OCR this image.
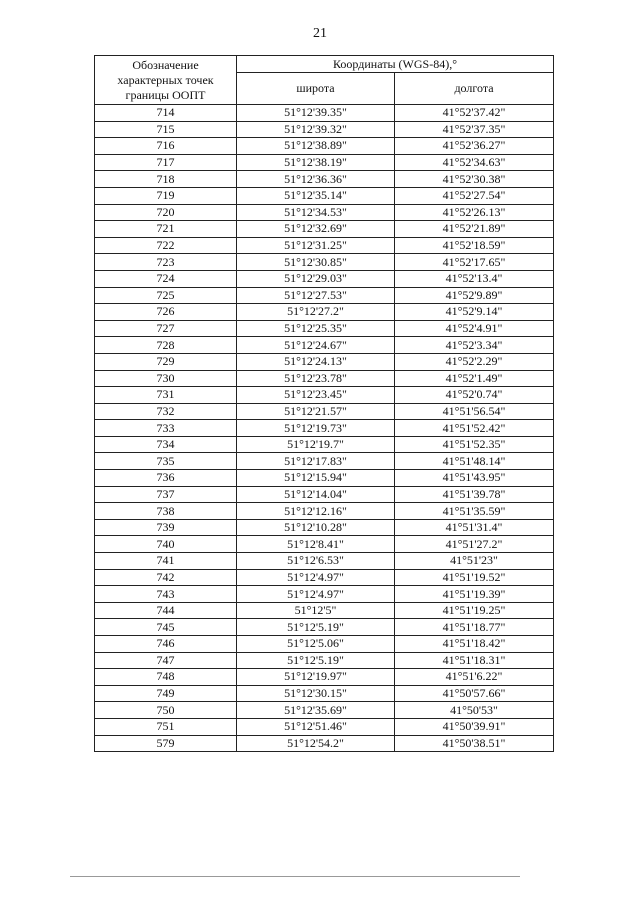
21
Обозначение
характерных точек
границы ООПТ	Координаты (WGS-84),°	
	широта	долгота
714	51°12'39.35"	41°52'37.42"
715	51°12'39.32"	41°52'37.35"
716	51°12'38.89"	41°52'36.27"
717	51°12'38.19"	41°52'34.63"
718	51°12'36.36"	41°52'30.38"
719	51°12'35.14"	41°52'27.54"
720	51°12'34.53"	41°52'26.13"
721	51°12'32.69"	41°52'21.89"
722	51°12'31.25"	41°52'18.59"
723	51°12'30.85"	41°52'17.65"
724	51°12'29.03"	41°52'13.4"
725	51°12'27.53"	41°52'9.89"
726	51°12'27.2"	41°52'9.14"
727	51°12'25.35"	41°52'4.91"
728	51°12'24.67"	41°52'3.34"
729	51°12'24.13"	41°52'2.29"
730	51°12'23.78"	41°52'1.49"
731	51°12'23.45"	41°52'0.74"
732	51°12'21.57"	41°51'56.54"
733	51°12'19.73"	41°51'52.42"
734	51°12'19.7"	41°51'52.35"
735	51°12'17.83"	41°51'48.14"
736	51°12'15.94"	41°51'43.95"
737	51°12'14.04"	41°51'39.78"
738	51°12'12.16"	41°51'35.59"
739	51°12'10.28"	41°51'31.4"
740	51°12'8.41"	41°51'27.2"
741	51°12'6.53"	41°51'23"
742	51°12'4.97"	41°51'19.52"
743	51°12'4.97"	41°51'19.39"
744	51°12'5"	41°51'19.25"
745	51°12'5.19"	41°51'18.77"
746	51°12'5.06"	41°51'18.42"
747	51°12'5.19"	41°51'18.31"
748	51°12'19.97"	41°51'6.22"
749	51°12'30.15"	41°50'57.66"
750	51°12'35.69"	41°50'53"
751	51°12'51.46"	41°50'39.91"
579	51°12'54.2"	41°50'38.51"
